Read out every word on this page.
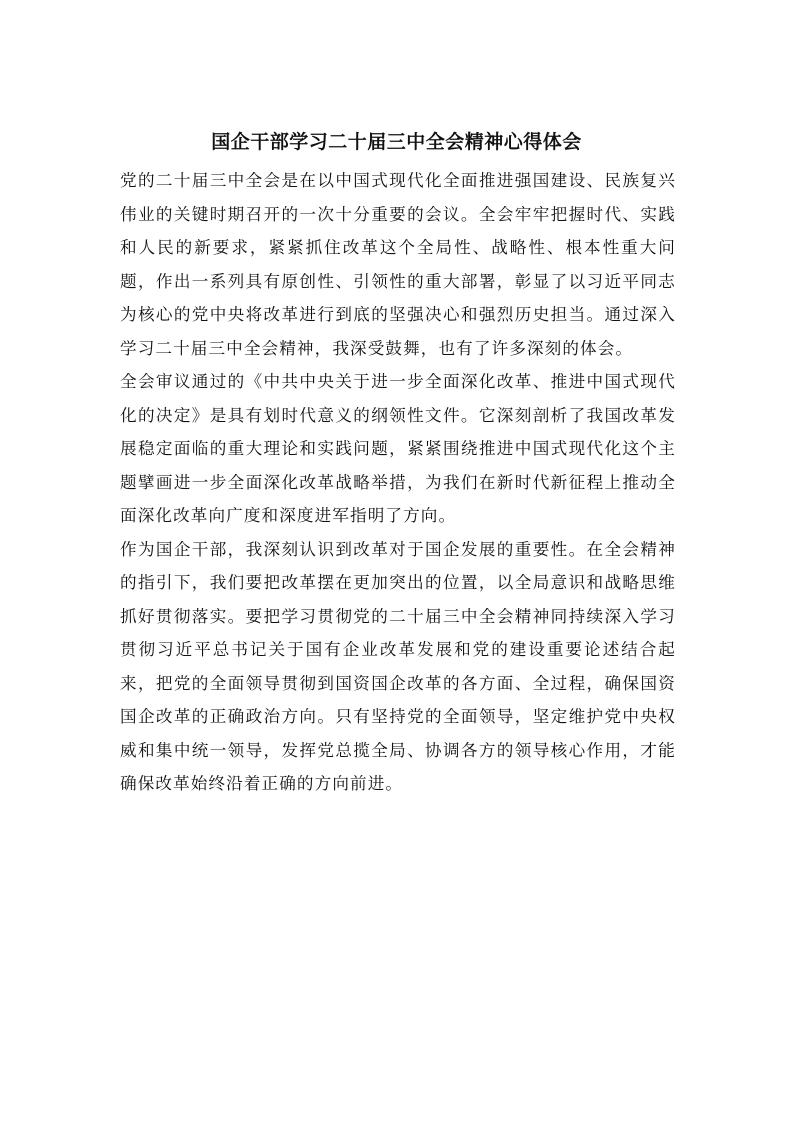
国企干部学习二十届三中全会精神心得体会

党的二十届三中全会是在以中国式现代化全面推进强国建设、民族复兴伟业的关键时期召开的一次十分重要的会议。全会牢牢把握时代、实践和人民的新要求，紧紧抓住改革这个全局性、战略性、根本性重大问题，作出一系列具有原创性、引领性的重大部署，彰显了以习近平同志为核心的党中央将改革进行到底的坚强决心和强烈历史担当。通过深入学习二十届三中全会精神，我深受鼓舞，也有了许多深刻的体会。

全会审议通过的《中共中央关于进一步全面深化改革、推进中国式现代化的决定》是具有划时代意义的纲领性文件。它深刻剖析了我国改革发展稳定面临的重大理论和实践问题，紧紧围绕推进中国式现代化这个主题擘画进一步全面深化改革战略举措，为我们在新时代新征程上推动全面深化改革向广度和深度进军指明了方向。

作为国企干部，我深刻认识到改革对于国企发展的重要性。在全会精神的指引下，我们要把改革摆在更加突出的位置，以全局意识和战略思维抓好贯彻落实。要把学习贯彻党的二十届三中全会精神同持续深入学习贯彻习近平总书记关于国有企业改革发展和党的建设重要论述结合起来，把党的全面领导贯彻到国资国企改革的各方面、全过程，确保国资国企改革的正确政治方向。只有坚持党的全面领导，坚定维护党中央权威和集中统一领导，发挥党总揽全局、协调各方的领导核心作用，才能确保改革始终沿着正确的方向前进。
